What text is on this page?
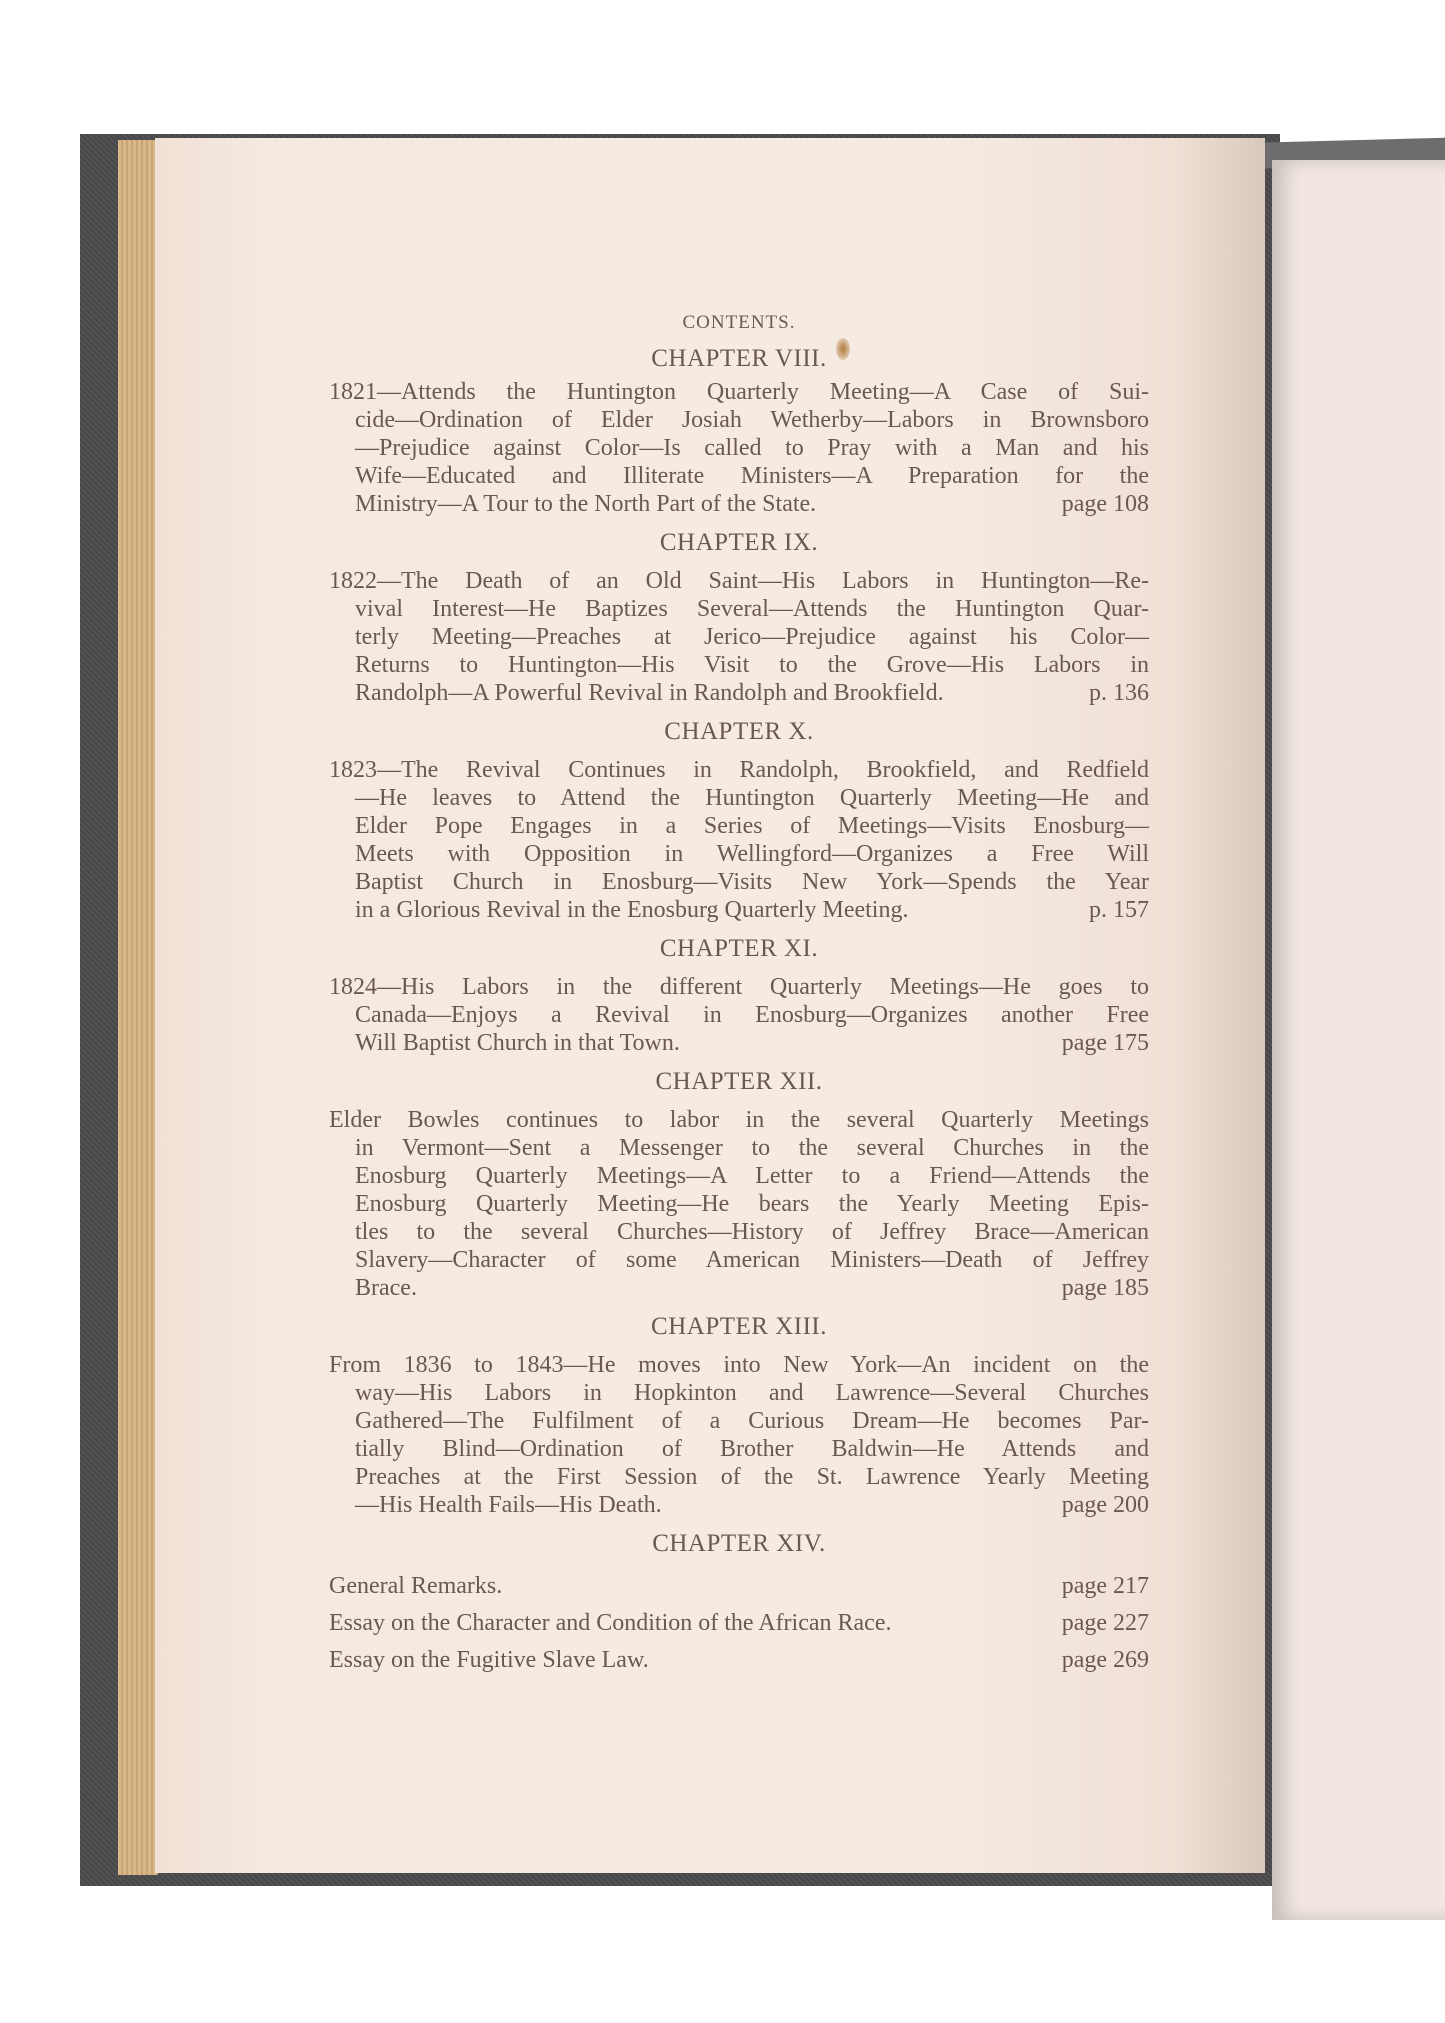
CONTENTS.
CHAPTER VIII.
1821—Attends the Huntington Quarterly Meeting—A Case of Sui-
cide—Ordination of Elder Josiah Wetherby—Labors in Brownsboro
—Prejudice against Color—Is called to Pray with a Man and his
Wife—Educated and Illiterate Ministers—A Preparation for the
Ministry—A Tour to the North Part of the State.	page 108
CHAPTER IX.
1822—The Death of an Old Saint—His Labors in Huntington—Re-
vival Interest—He Baptizes Several—Attends the Huntington Quar-
terly Meeting—Preaches at Jerico—Prejudice against his Color—
Returns to Huntington—His Visit to the Grove—His Labors in
Randolph—A Powerful Revival in Randolph and Brookfield.	p. 136
CHAPTER X.
1823—The Revival Continues in Randolph, Brookfield, and Redfield
—He leaves to Attend the Huntington Quarterly Meeting—He and
Elder Pope Engages in a Series of Meetings—Visits Enosburg—
Meets with Opposition in Wellingford—Organizes a Free Will
Baptist Church in Enosburg—Visits New York—Spends the Year
in a Glorious Revival in the Enosburg Quarterly Meeting.	p. 157
CHAPTER XI.
1824—His Labors in the different Quarterly Meetings—He goes to
Canada—Enjoys a Revival in Enosburg—Organizes another Free
Will Baptist Church in that Town.	page 175
CHAPTER XII.
Elder Bowles continues to labor in the several Quarterly Meetings
in Vermont—Sent a Messenger to the several Churches in the
Enosburg Quarterly Meetings—A Letter to a Friend—Attends the
Enosburg Quarterly Meeting—He bears the Yearly Meeting Epis-
tles to the several Churches—History of Jeffrey Brace—American
Slavery—Character of some American Ministers—Death of Jeffrey
Brace.	page 185
CHAPTER XIII.
From 1836 to 1843—He moves into New York—An incident on the
way—His Labors in Hopkinton and Lawrence—Several Churches
Gathered—The Fulfilment of a Curious Dream—He becomes Par-
tially Blind—Ordination of Brother Baldwin—He Attends and
Preaches at the First Session of the St. Lawrence Yearly Meeting
—His Health Fails—His Death.	page 200
CHAPTER XIV.
General Remarks.	page 217
Essay on the Character and Condition of the African Race.	page 227
Essay on the Fugitive Slave Law.	page 269
